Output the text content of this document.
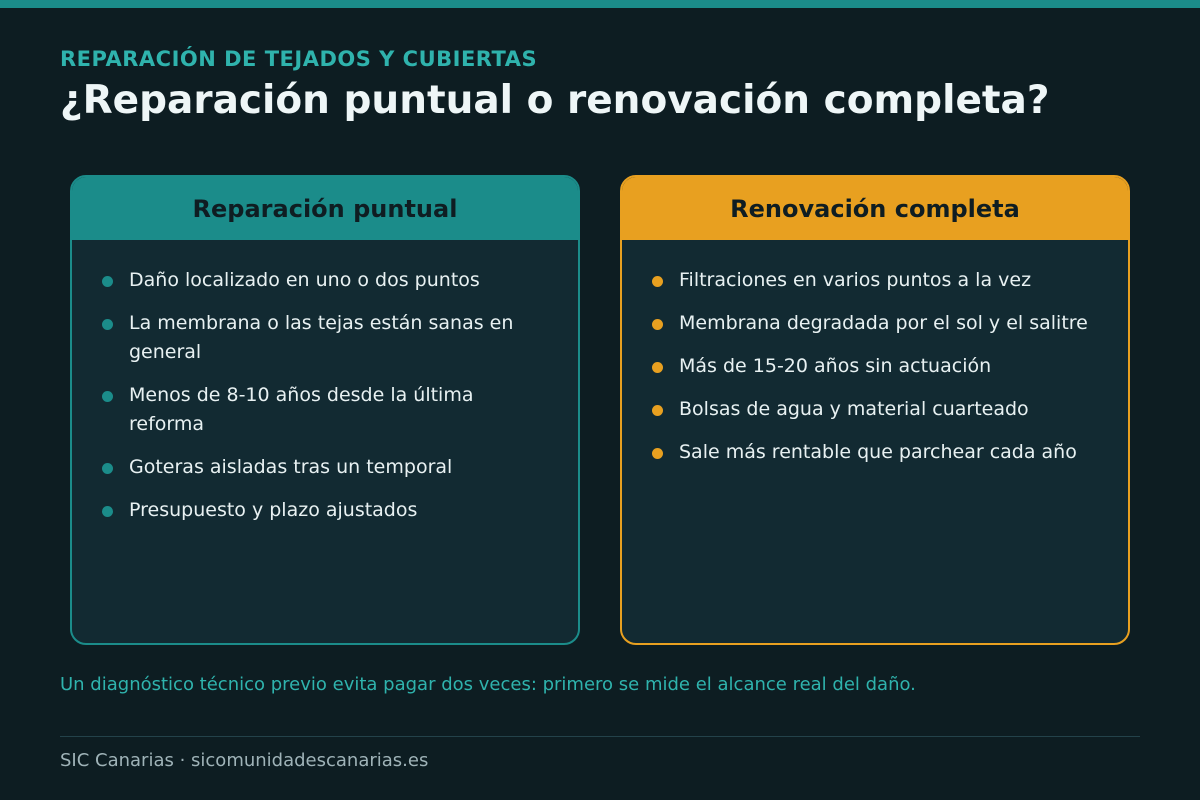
REPARACIÓN DE TEJADOS Y CUBIERTAS
¿Reparación puntual o renovación completa?
Reparación puntual
Daño localizado en uno o dos puntos
La membrana o las tejas están sanas en general
Menos de 8-10 años desde la última reforma
Goteras aisladas tras un temporal
Presupuesto y plazo ajustados
Renovación completa
Filtraciones en varios puntos a la vez
Membrana degradada por el sol y el salitre
Más de 15-20 años sin actuación
Bolsas de agua y material cuarteado
Sale más rentable que parchear cada año

Un diagnóstico técnico previo evita pagar dos veces: primero se mide el alcance real del daño.

SIC Canarias · sicomunidadescanarias.es
